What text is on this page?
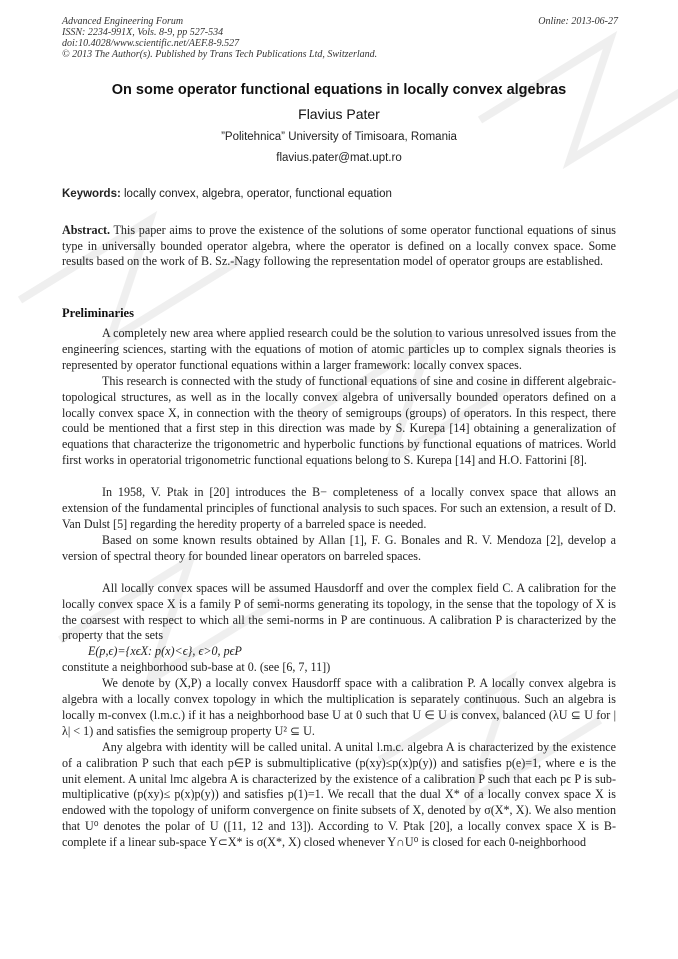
Advanced Engineering Forum
ISSN: 2234-991X, Vols. 8-9, pp 527-534
doi:10.4028/www.scientific.net/AEF.8-9.527
© 2013 The Author(s). Published by Trans Tech Publications Ltd, Switzerland.
Online: 2013-06-27
On some operator functional equations in locally convex algebras
Flavius Pater
”Politehnica” University of Timisoara, Romania
flavius.pater@mat.upt.ro
Keywords: locally convex, algebra, operator, functional equation

Abstract. This paper aims to prove the existence of the solutions of some operator functional equations of sinus type in universally bounded operator algebra, where the operator is defined on a locally convex space. Some results based on the work of B. Sz.-Nagy following the representation model of operator groups are established.

Preliminaries

A completely new area where applied research could be the solution to various unresolved issues from the engineering sciences, starting with the equations of motion of atomic particles up to complex signals theories is represented by operator functional equations within a larger framework: locally convex spaces.

This research is connected with the study of functional equations of sine and cosine in different algebraic-topological structures, as well as in the locally convex algebra of universally bounded operators defined on a locally convex space X, in connection with the theory of semigroups (groups) of operators. In this respect, there could be mentioned that a first step in this direction was made by S. Kurepa [14] obtaining a generalization of equations that characterize the trigonometric and hyperbolic functions by functional equations of matrices. World first works in operatorial trigonometric functional equations belong to S. Kurepa [14] and H.O. Fattorini [8].

In 1958, V. Ptak in [20] introduces the B− completeness of a locally convex space that allows an extension of the fundamental principles of functional analysis to such spaces. For such an extension, a result of D. Van Dulst [5] regarding the heredity property of a barreled space is needed.

Based on some known results obtained by Allan [1], F. G. Bonales and R. V. Mendoza [2], develop a version of spectral theory for bounded linear operators on barreled spaces.

All locally convex spaces will be assumed Hausdorff and over the complex field C. A calibration for the locally convex space X is a family P of semi-norms generating its topology, in the sense that the topology of X is the coarsest with respect to which all the semi-norms in P are continuous. A calibration P is characterized by the property that the sets

E(p,ϵ)={xϵX: p(x)<ϵ}, ϵ>0, pϵP

constitute a neighborhood sub-base at 0. (see [6, 7, 11])

We denote by (X,P) a locally convex Hausdorff space with a calibration P. A locally convex algebra is algebra with a locally convex topology in which the multiplication is separately continuous. Such an algebra is locally m-convex (l.m.c.) if it has a neighborhood base U at 0 such that U ∈ U is convex, balanced (λU ⊆ U for |λ| < 1) and satisfies the semigroup property U² ⊆ U.

Any algebra with identity will be called unital. A unital l.m.c. algebra A is characterized by the existence of a calibration P such that each p∈P is submultiplicative (p(xy)≤p(x)p(y)) and satisfies p(e)=1, where e is the unit element. A unital lmc algebra A is characterized by the existence of a calibration P such that each pϵ P is sub-multiplicative (p(xy)≤ p(x)p(y)) and satisfies p(1)=1. We recall that the dual X* of a locally convex space X is endowed with the topology of uniform convergence on finite subsets of X, denoted by σ(X*, X). We also mention that U⁰ denotes the polar of U ([11, 12 and 13]). According to V. Ptak [20], a locally convex space X is B-complete if a linear sub-space Y⊂X* is σ(X*, X) closed whenever Y∩U⁰ is closed for each 0-neighborhood
